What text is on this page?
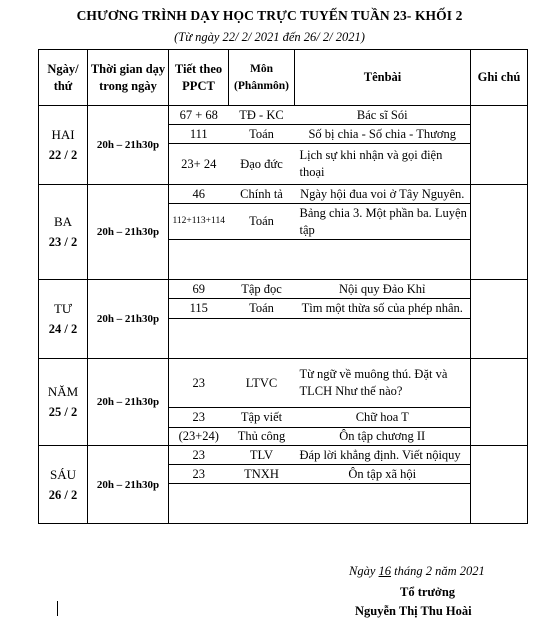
CHƯƠNG TRÌNH DẠY HỌC TRỰC TUYẾN TUẦN 23- KHỐI 2
(Từ ngày 22/ 2/ 2021 đến 26/ 2/ 2021)
Ngày/ thứ	Thời gian dạy trong ngày	Tiết theo PPCT	Môn (Phânmôn)	Tênbài	Ghi chú

HAI
22 / 2	20h – 21h30p	67 + 68	TĐ - KC	Bác sĩ Sói	
		111	Toán	Số bị chia - Số chia - Thương	
		23+ 24	Đạo đức	Lịch sự khi nhận và gọi điện thoại	

BA
23 / 2	20h – 21h30p	46	Chính tả	Ngày hội đua voi ở Tây Nguyên.	
		112+113+114	Toán	Bảng chia 3. Một phần ba. Luyện tập	

TƯ
24 / 2	20h – 21h30p	69	Tập đọc	Nội quy Đảo Khỉ	
		115	Toán	Tìm một thừa số của phép nhân.	

NĂM
25 / 2	20h – 21h30p	23	LTVC	Từ ngữ về muông thú. Đặt và TLCH Như thế nào?	
		23	Tập viết	Chữ hoa T	
		(23+24)	Thủ công	Ôn tập chương II	

SÁU
26 / 2	20h – 21h30p	23	TLV	Đáp lời khẳng định. Viết nộiquy	
		23	TNXH	Ôn tập xã hội	

Ngày 16 tháng 2 năm 2021
Tổ trưởng
Nguyễn Thị Thu Hoài
